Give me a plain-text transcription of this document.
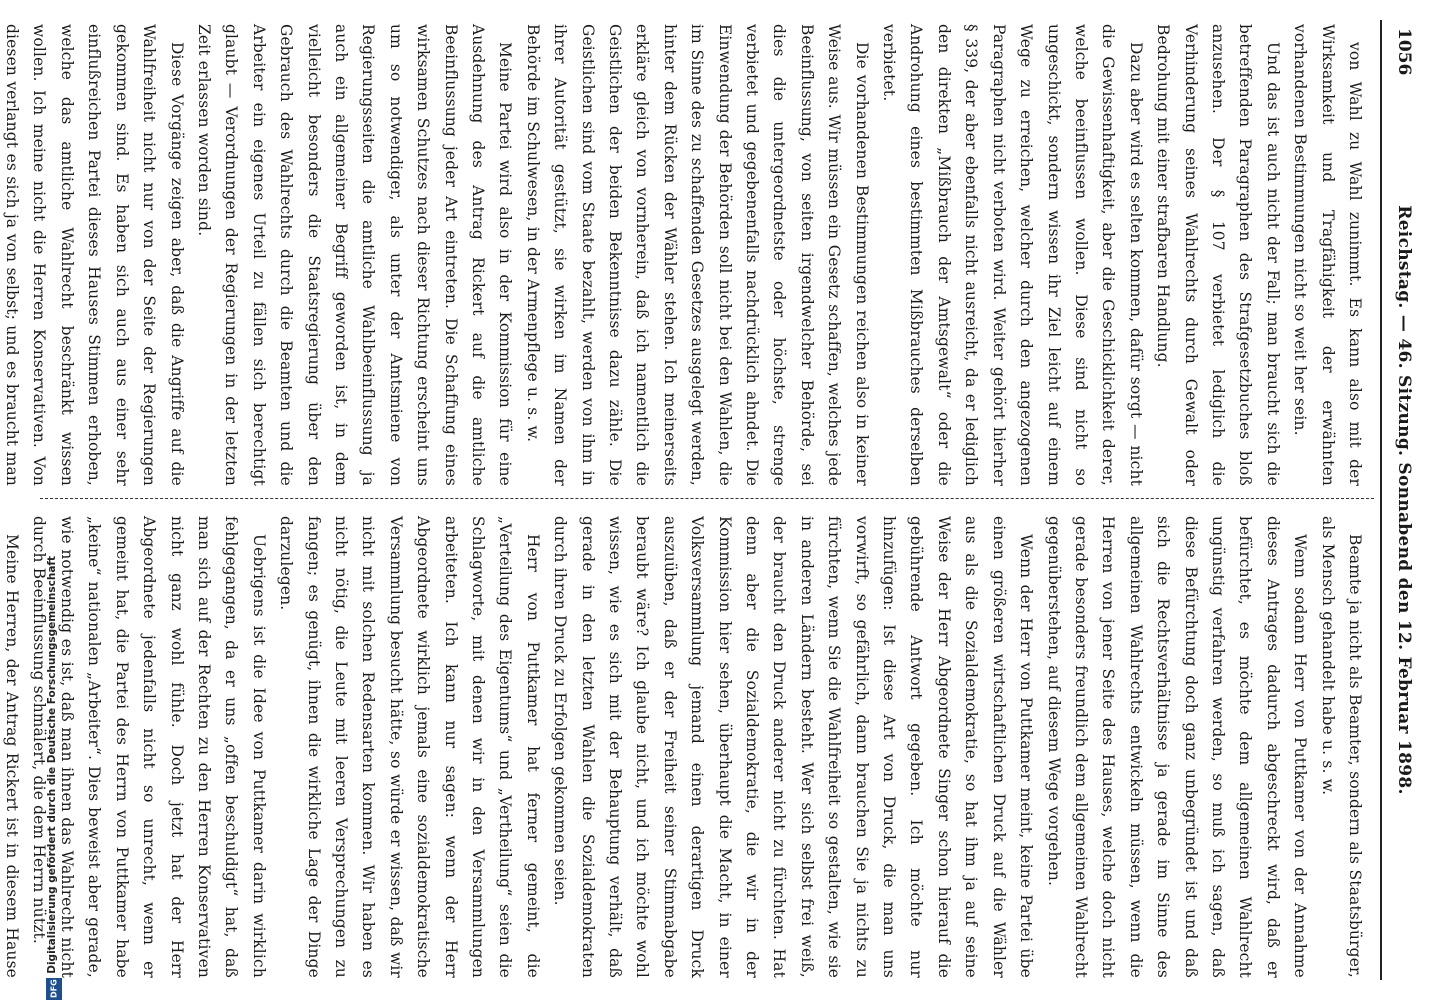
1056
Reichstag. — 46. Sitzung. Sonnabend den 12. Februar 1898.

von Wahl zu Wahl zunimmt. Es kann also mit der Wirksamkeit und Tragfähigkeit der erwähnten vorhandenen Bestimmungen nicht so weit her sein.

Und das ist auch nicht der Fall; man braucht sich die betreffenden Paragraphen des Strafgesetzbuches bloß anzusehen. Der § 107 verbietet lediglich die Verhinderung seines Wahlrechts durch Gewalt oder Bedrohung mit einer strafbaren Handlung.

Dazu aber wird es selten kommen, dafür sorgt — nicht die Gewissenhaftigkeit, aber die Geschicklichkeit derer, welche beeinflussen wollen. Diese sind nicht so ungeschickt, sondern wissen ihr Ziel leicht auf einem Wege zu erreichen, welcher durch den angezogenen Paragraphen nicht verboten wird. Weiter gehört hierher § 339, der aber ebenfalls nicht ausreicht, da er lediglich den direkten „Mißbrauch der Amtsgewalt“ oder die Androhung eines bestimmten Mißbrauches derselben verbietet.

Die vorhandenen Bestimmungen reichen also in keiner Weise aus. Wir müssen ein Gesetz schaffen, welches jede Beeinflussung, von seiten irgendwelcher Behörde, sei dies die untergeordnetste oder höchste, strenge verbietet und gegebenenfalls nachdrücklich ahndet. Die Einwendung der Behörden soll nicht bei den Wahlen, die im Sinne des zu schaffenden Gesetzes ausgelegt werden, hinter dem Rücken der Wähler stehen. Ich meinerseits erkläre gleich von vornherein, daß ich namentlich die Geistlichen der beiden Bekenntnisse dazu zähle. Die Geistlichen sind vom Staate bezahlt, werden von ihm in ihrer Autorität gestützt, sie wirken im Namen der Behörde im Schulwesen, in der Armenpflege u. s. w.

Meine Partei wird also in der Kommission für eine Ausdehnung des Antrag Rickert auf die amtliche Beeinflussung jeder Art eintreten. Die Schaffung eines wirksamen Schutzes nach dieser Richtung erscheint uns um so notwendiger, als unter der Amtsmiene von Regierungsseiten die amtliche Wahlbeeinflussung ja auch ein allgemeiner Begriff geworden ist, in dem vielleicht besonders die Staatsregierung über den Gebrauch des Wahlrechts durch die Beamten und die Arbeiter ein eigenes Urteil zu fällen sich berechtigt glaubt — Verordnungen der Regierungen in der letzten Zeit erlassen worden sind.

Diese Vorgänge zeigen aber, daß die Angriffe auf die Wahlfreiheit nicht nur von der Seite der Regierungen gekommen sind. Es haben sich auch aus einer sehr einflußreichen Partei dieses Hauses Stimmen erhoben, welche das amtliche Wahlrecht beschränkt wissen wollen. Ich meine nicht die Herren Konservativen. Von diesen verlangt es sich ja von selbst; und es braucht man

Beamte ja nicht als Beamter, sondern als Staatsbürger, als Mensch gehandelt habe u. s. w.

Wenn sodann Herr von Puttkamer von der Annahme dieses Antrages dadurch abgeschreckt wird, daß er befürchtet, es möchte dem allgemeinen Wahlrecht ungünstig verfahren werden, so muß ich sagen, daß diese Befürchtung doch ganz unbegründet ist und daß sich die Rechtsverhältnisse ja gerade im Sinne des allgemeinen Wahlrechts entwickeln müssen, wenn die Herren von jener Seite des Hauses, welche doch nicht gerade besonders freundlich dem allgemeinen Wahlrecht gegenüberstehen, auf diesem Wege vorgehen.

Wenn der Herr von Puttkamer meint, keine Partei übe einen größeren wirtschaftlichen Druck auf die Wähler aus als die Sozialdemokratie, so hat ihm ja auf seine Weise der Herr Abgeordnete Singer schon hierauf die gebührende Antwort gegeben. Ich möchte nur hinzufügen: Ist diese Art von Druck, die man uns vorwirft, so gefährlich, dann brauchen Sie ja nichts zu fürchten, wenn Sie die Wahlfreiheit so gestalten, wie sie in anderen Ländern besteht. Wer sich selbst frei weiß, der braucht den Druck anderer nicht zu fürchten. Hat denn aber die Sozialdemokratie, die wir in der Kommission hier sehen, überhaupt die Macht, in einer Volksversammlung jemand einen derartigen Druck auszuüben, daß er der Freiheit seiner Stimmabgabe beraubt wäre? Ich glaube nicht, und ich möchte wohl wissen, wie es sich mit der Behauptung verhält, daß gerade in den letzten Wahlen die Sozialdemokraten durch ihren Druck zu Erfolgen gekommen seien.

Herr von Puttkamer hat ferner gemeint, die „Verteilung des Eigentums“ und „Vertheilung“ seien die Schlagworte, mit denen wir in den Versammlungen arbeiteten. Ich kann nur sagen: wenn der Herr Abgeordnete wirklich jemals eine sozialdemokratische Versammlung besucht hätte, so würde er wissen, daß wir nicht mit solchen Redensarten kommen. Wir haben es nicht nötig, die Leute mit leeren Versprechungen zu fangen; es genügt, ihnen die wirkliche Lage der Dinge darzulegen.

Uebrigens ist die Idee von Puttkamer darin wirklich fehlgegangen, da er uns „offen beschuldigt“ hat, daß man sich auf der Rechten zu den Herren Konservativen nicht ganz wohl fühle. Doch jetzt hat der Herr Abgeordnete jedenfalls nicht so unrecht, wenn er gemeint hat, die Partei des Herrn von Puttkamer habe „keine“ nationalen „Arbeiter“. Dies beweist aber gerade, wie notwendig es ist, daß man ihnen das Wahlrecht nicht durch Beeinflussung schmälert, die dem Herrn nützt.

Meine Herren, der Antrag Rickert ist in diesem Hause	Digitalisierung gefördert durch die Deutsche Forschungsgemeinschaft
DFG
